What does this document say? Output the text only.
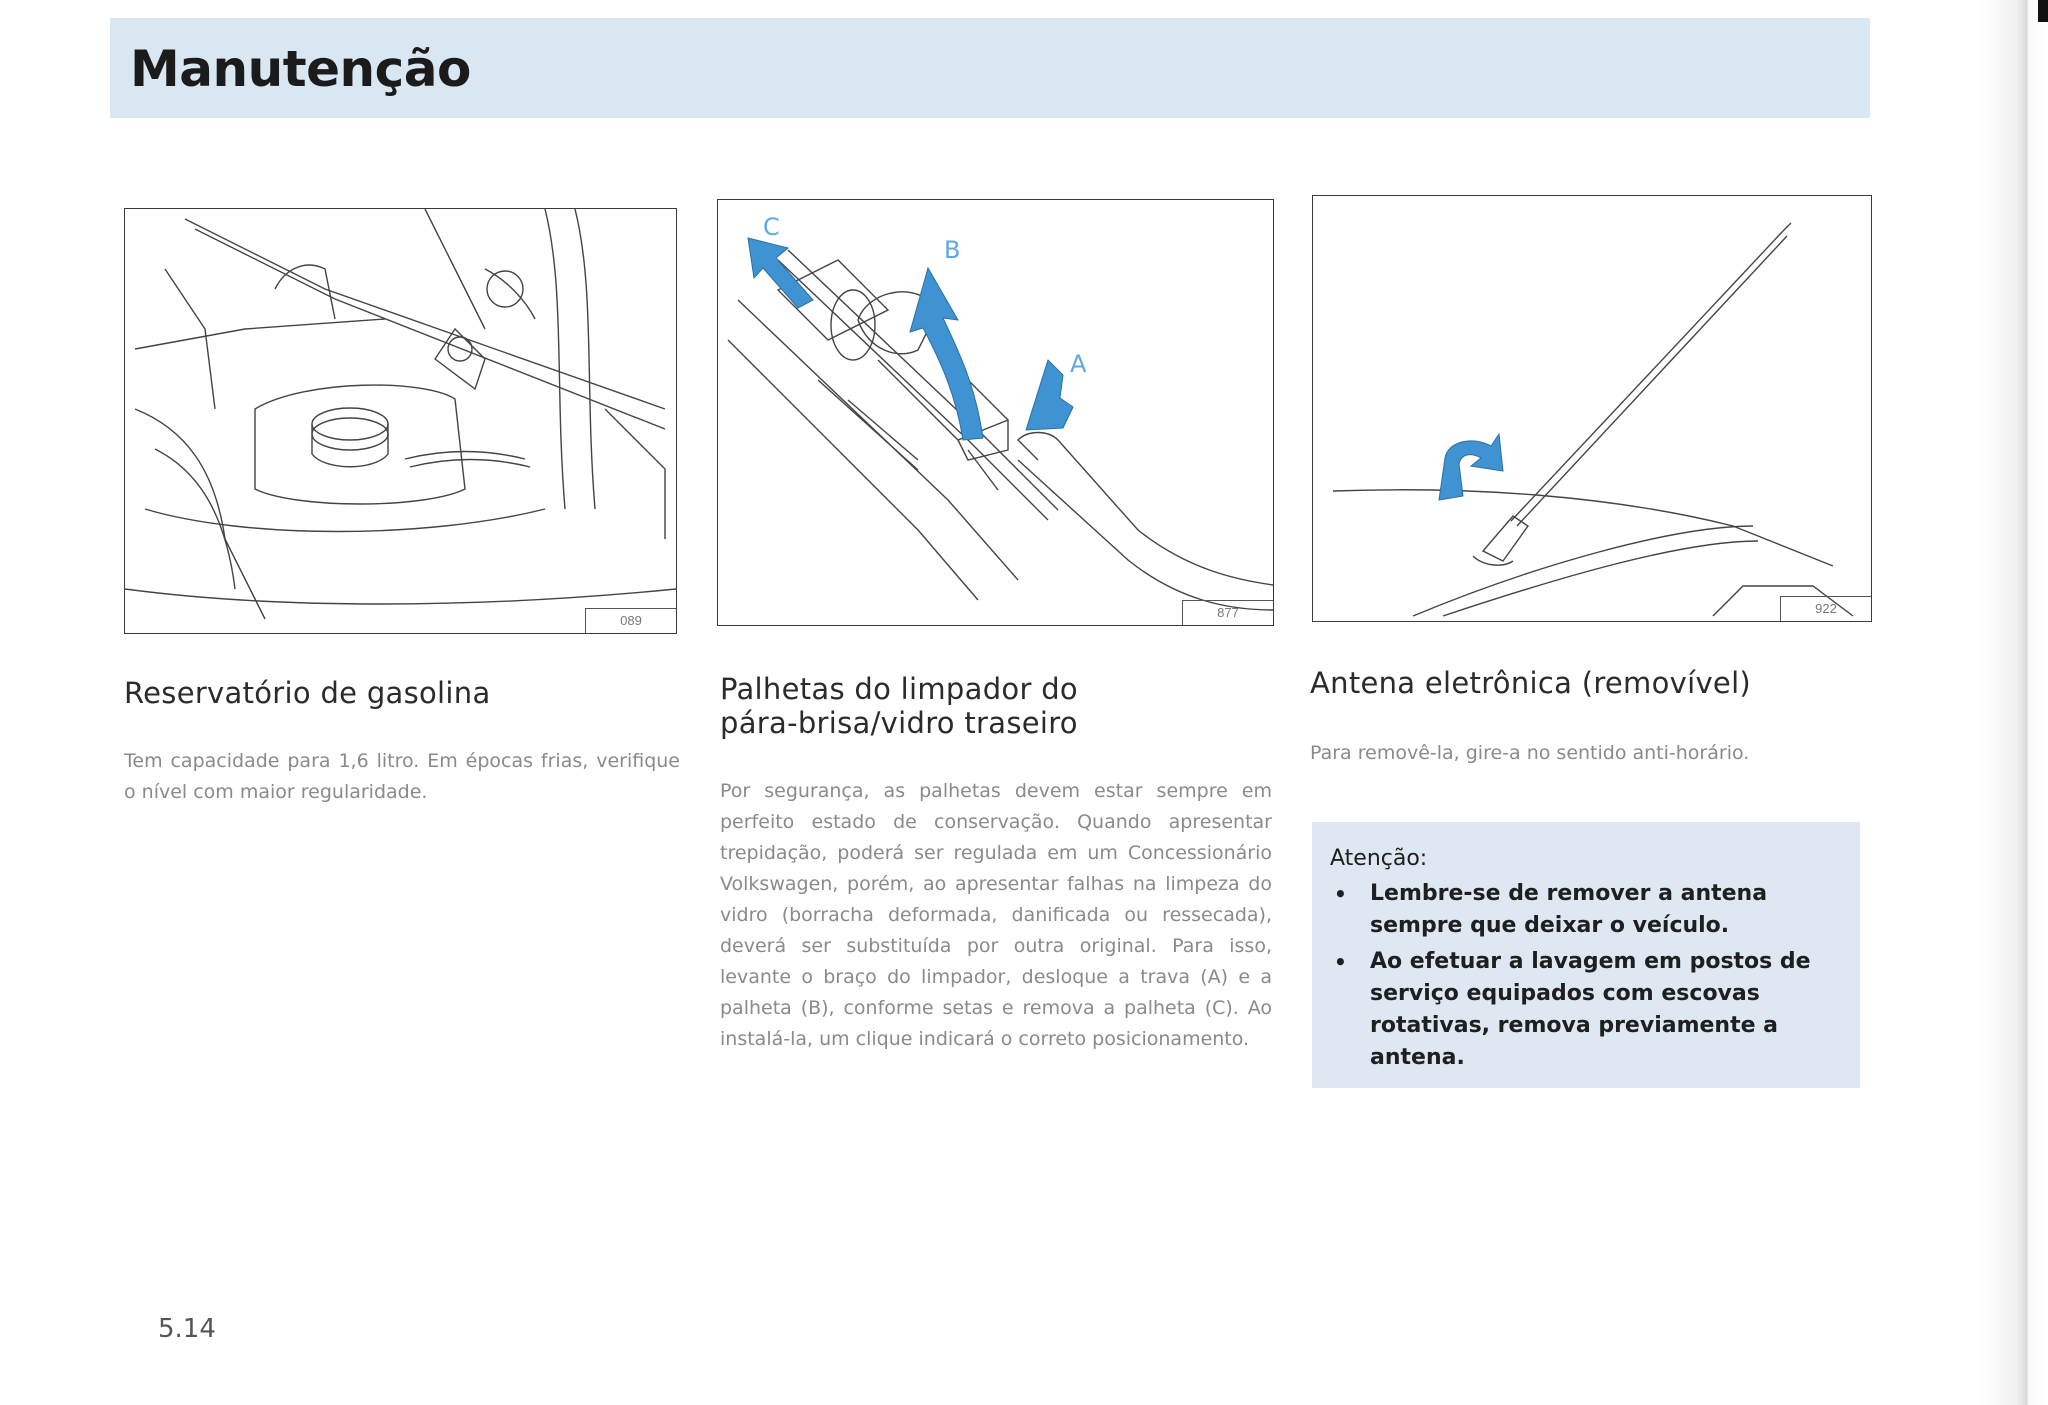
Manutenção
089
C
B
A
877	922
Reservatório de gasolina	Palhetas do limpador do
pára-brisa/vidro traseiro
Antena eletrônica (removível)
Tem capacidade para 1,6 litro. Em épocas frias, verifique o nível com maior regularidade.	Por segurança, as palhetas devem estar sempre em perfeito estado de conservação. Quando apresentar trepidação, poderá ser regulada em um Concessionário Volkswagen, porém, ao apresentar falhas na limpeza do vidro (borracha deformada, danificada ou ressecada), deverá ser substituída por outra original. Para isso, levante o braço do limpador, desloque a trava (A) e a palheta (B), conforme setas e remova a palheta (C). Ao instalá-la, um clique indicará o correto posicionamento.
Para removê-la, gire-a no sentido anti-horário.
Atenção:
• Lembre-se de remover a antena sempre que deixar o veículo.
• Ao efetuar a lavagem em postos de serviço equipados com escovas rotativas, remova previamente a antena.
5.14
